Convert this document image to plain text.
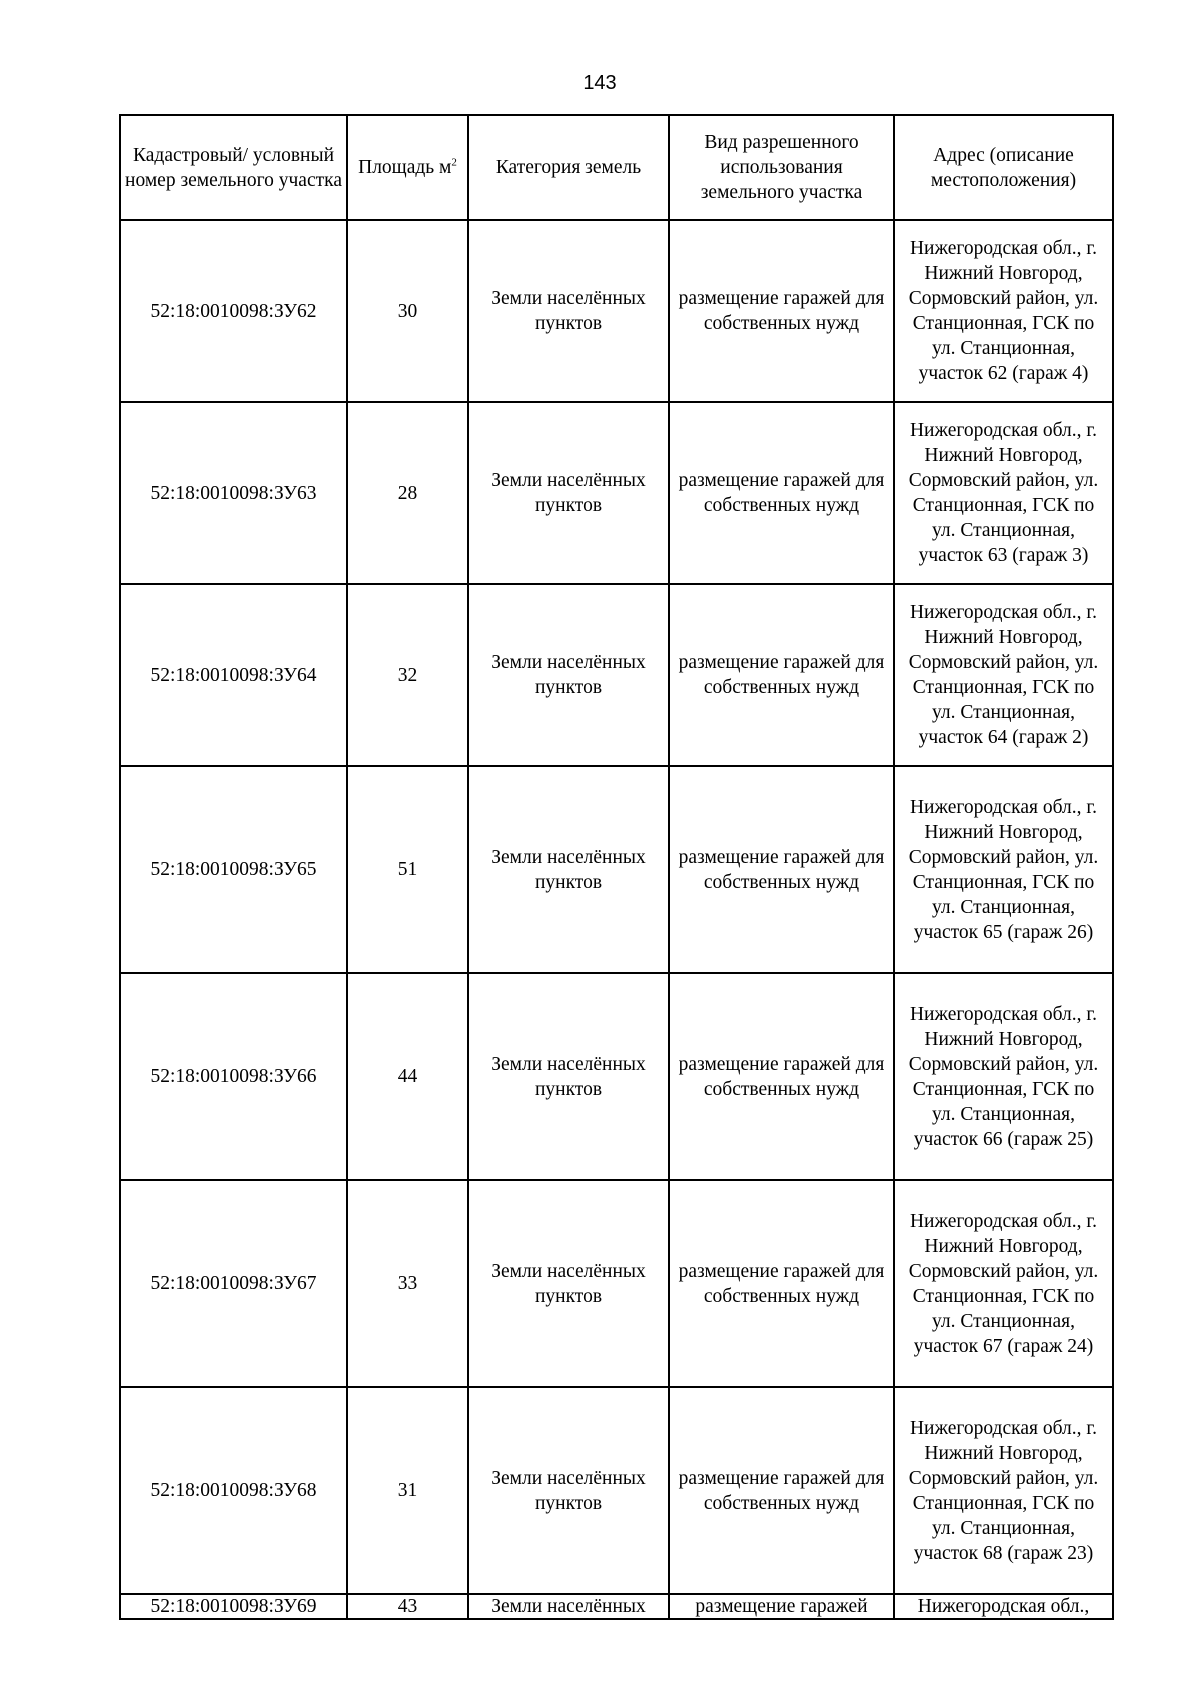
143
Кадастровый/ условный номер земельного участка	Площадь $м^2$	Категория земель	Вид разрешенного использования земельного участка	Адрес (описание местоположения)
52:18:0010098:ЗУ62	30	Земли населённых пунктов	размещение гаражей для собственных нужд	Нижегородская обл., г. Нижний Новгород, Сормовский район, ул. Станционная, ГСК по ул. Станционная, участок 62 (гараж 4)
52:18:0010098:ЗУ63	28	Земли населённых пунктов	размещение гаражей для собственных нужд	Нижегородская обл., г. Нижний Новгород, Сормовский район, ул. Станционная, ГСК по ул. Станционная, участок 63 (гараж 3)
52:18:0010098:ЗУ64	32	Земли населённых пунктов	размещение гаражей для собственных нужд	Нижегородская обл., г. Нижний Новгород, Сормовский район, ул. Станционная, ГСК по ул. Станционная, участок 64 (гараж 2)
52:18:0010098:ЗУ65	51	Земли населённых пунктов	размещение гаражей для собственных нужд	Нижегородская обл., г. Нижний Новгород, Сормовский район, ул. Станционная, ГСК по ул. Станционная, участок 65 (гараж 26)
52:18:0010098:ЗУ66	44	Земли населённых пунктов	размещение гаражей для собственных нужд	Нижегородская обл., г. Нижний Новгород, Сормовский район, ул. Станционная, ГСК по ул. Станционная, участок 66 (гараж 25)
52:18:0010098:ЗУ67	33	Земли населённых пунктов	размещение гаражей для собственных нужд	Нижегородская обл., г. Нижний Новгород, Сормовский район, ул. Станционная, ГСК по ул. Станционная, участок 67 (гараж 24)
52:18:0010098:ЗУ68	31	Земли населённых пунктов	размещение гаражей для собственных нужд	Нижегородская обл., г. Нижний Новгород, Сормовский район, ул. Станционная, ГСК по ул. Станционная, участок 68 (гараж 23)
52:18:0010098:ЗУ69	43	Земли населённых	размещение гаражей	Нижегородская обл.,
